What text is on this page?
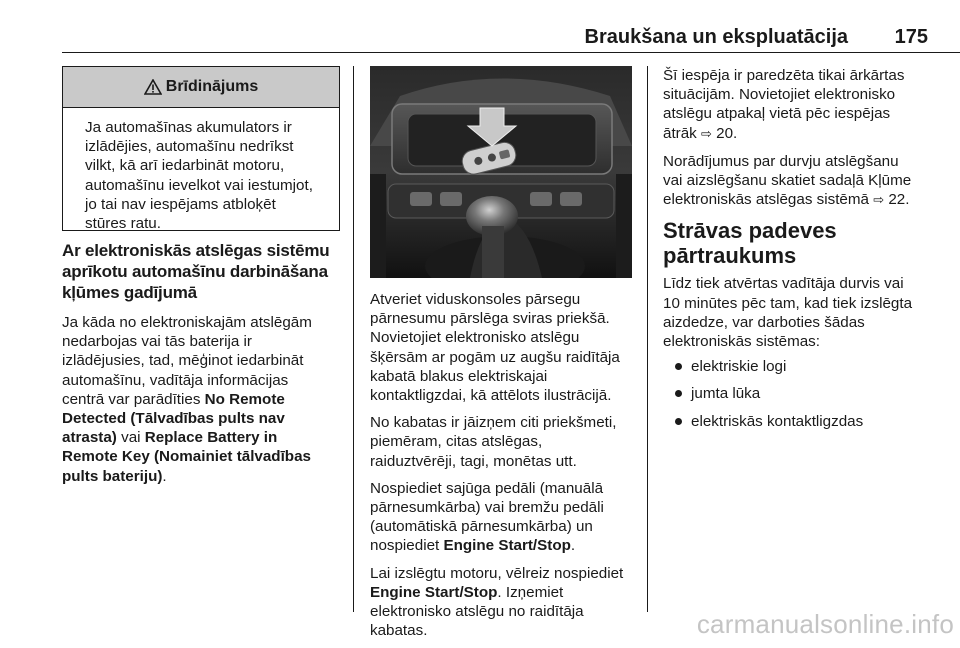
Braukšana un ekspluatācija 175
Brīdinājums
Ja automašīnas akumulators ir
izlādējies, automašīnu nedrīkst
vilkt, kā arī iedarbināt motoru,
automašīnu ievelkot vai iestumjot,
jo tai nav iespējams atbloķēt
stūres ratu.
Ar elektroniskās atslēgas sistēmu
aprīkotu automašīnu darbināšana
kļūmes gadījumā
Ja kāda no elektroniskajām atslēgām
nedarbojas vai tās baterija ir
izlādējusies, tad, mēģinot iedarbināt
automašīnu, vadītāja informācijas
centrā var parādīties No Remote
Detected (Tālvadības pults nav
atrasta) vai Replace Battery in
Remote Key (Nomainiet tālvadības
pults bateriju).

Atveriet viduskonsoles pārsegu
pārnesumu pārslēga sviras priekšā.
Novietojiet elektronisko atslēgu
šķērsām ar pogām uz augšu raidītāja
kabatā blakus elektriskajai
kontaktligzdai, kā attēlots ilustrācijā.

No kabatas ir jāizņem citi priekšmeti,
piemēram, citas atslēgas,
raiduztvērēji, tagi, monētas utt.

Nospiediet sajūga pedāli (manuālā
pārnesumkārba) vai bremžu pedāli
(automātiskā pārnesumkārba) un
nospiediet Engine Start/Stop.

Lai izslēgtu motoru, vēlreiz nospiediet
Engine Start/Stop. Izņemiet
elektronisko atslēgu no raidītāja
kabatas.

Šī iespēja ir paredzēta tikai ārkārtas
situācijām. Novietojiet elektronisko
atslēgu atpakaļ vietā pēc iespējas
ātrāk ⇨ 20.

Norādījumus par durvju atslēgšanu
vai aizslēgšanu skatiet sadaļā Kļūme
elektroniskās atslēgas sistēmā ⇨ 22.

Strāvas padeves
pārtraukums
Līdz tiek atvērtas vadītāja durvis vai
10 minūtes pēc tam, kad tiek izslēgta
aizdedze, var darboties šādas
elektroniskās sistēmas:
elektriskie logi
jumta lūka
elektriskās kontaktligzdas
carmanualsonline.info
